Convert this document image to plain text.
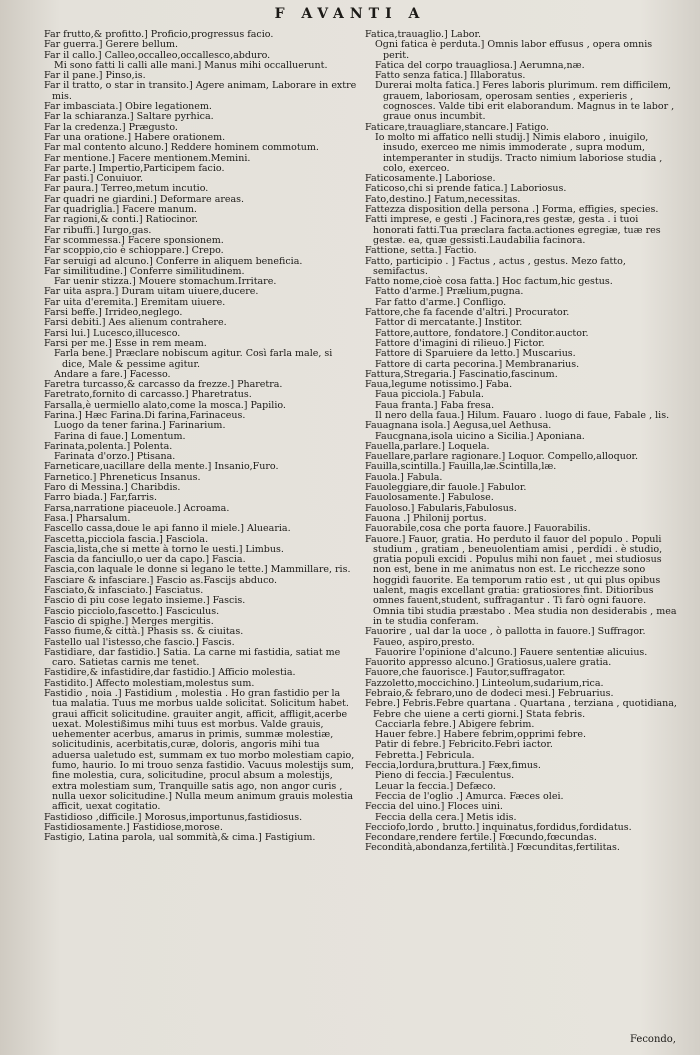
F AVANTI A

Far frutto,& profitto.] Proficio,progressus facio.

Far guerra.] Gerere bellum.

Far il callo.] Calleo,occalleo,occallesco,abduro.

Mi sono fatti li calli alle mani.] Manus mihi occalluerunt.

Far il pane.] Pinso,is.

Far il tratto, o star in transito.] Agere animam, Laborare in extre mis.

Far imbasciata.] Obire legationem.

Far la schiaranza.] Saltare pyrhica.

Far la credenza.] Prægusto.

Far una oratione.] Habere orationem.

Far mal contento alcuno.] Reddere hominem commotum.

Far mentione.] Facere mentionem.Memini.

Far parte.] Impertio,Participem facio.

Far pasti.] Conuiuor.

Far paura.] Terreo,metum incutio.

Far quadri ne giardini.] Deformare areas.

Far quadriglia.] Facere manum.

Far ragioni,& conti.] Ratiocinor.

Far ribuffi.] Iurgo,gas.

Far scommessa.] Facere sponsionem.

Far scoppio,cio è schioppare.] Crepo.

Far seruigi ad alcuno.] Conferre in aliquem beneficia.

Far similitudine.] Conferre similitudinem.

Far uenir stizza.] Mouere stomachum.Irritare.

Far uita aspra.] Duram uitam uiuere,ducere.

Far uita d'eremita.] Eremitam uiuere.

Farsi beffe.] Irrideo,neglego.

Farsi debiti.] Aes alienum contrahere.

Farsi lui.] Lucesco,illucesco.

Farsi per me.] Esse in rem meam.

Farla bene.] Præclare nobiscum agitur. Così farla male, si dice, Male & pessime agitur.

Andare a fare.] Facesso.

Faretra turcasso,& carcasso da frezze.] Pharetra.

Faretrato,fornito di carcasso.] Pharetratus.

Farsalla,è uermiello alato,come la mosca.] Papilio.

Farina.] Hæc Farina.Di farina,Farinaceus.

Luogo da tener farina.] Farinarium.

Farina di faue.] Lomentum.

Farinata,polenta.] Polenta.

Farinata d'orzo.] Ptisana.

Farneticare,uacillare della mente.] Insanio,Furo.

Farnetico.] Phreneticus Insanus.

Faro di Messina.] Charibdis.

Farro biada.] Far,farris.

Farsa,narratione piaceuole.] Acroama.

Fasa.] Pharsalum.

Fascello cassa,doue le api fanno il miele.] Aluearia.

Fascetta,picciola fascia.] Fasciola.

Fascia,lista,che si mette à torno le uesti.] Limbus.

Fascia da fanciullo,o uer da capo.] Fascia.

Fascia,con laquale le donne si legano le tette.] Mammillare, ris.

Fasciare & infasciare.] Fascio as.Fascijs abduco.

Fasciato,& infasciato.] Fasciatus.

Fascio di piu cose legato insieme.] Fascis.

Fascio picciolo,fascetto.] Fasciculus.

Fascio di spighe.] Merges mergitis.

Fasso fiume,& città.] Phasis ss. & ciuitas.

Fastello ual l'istesso,che fascio.] Fascis.

Fastidiare, dar fastidio.] Satia. La carne mi fastidia, satiat me caro. Satietas carnis me tenet.

Fastidire,& infastidire,dar fastidio.] Afficio molestia.

Fastidito.] Affecto molestiam,molestus sum.

Fastidio , noia .] Fastidium , molestia . Ho gran fastidio per la tua malatia. Tuus me morbus ualde solicitat. Solicitum habet. graui afficit solicitudine. grauiter angit, afficit, affligit,acerbe uexat. Molestißimus mihi tuus est morbus. Valde grauis, uehementer acerbus, amarus in primis, summæ molestiæ, solicitudinis, acerbitatis,curæ, doloris, angoris mihi tua aduersa ualetudo est, summam ex tuo morbo molestiam capio, fumo, haurio. Io mi trouo senza fastidio. Vacuus molestijs sum, fine molestia, cura, solicitudine, procul absum a molestijs, extra molestiam sum, Tranquille satis ago, non angor curis , nulla uexor solicitudine.] Nulla meum animum grauis molestia afficit, uexat cogitatio.

Fastidioso ,difficile.] Morosus,importunus,fastidiosus.

Fastidiosamente.] Fastidiose,morose.

Fastigio, Latina parola, ual sommità,& cima.] Fastigium.

Fatica,trauaglio.] Labor.

Ogni fatica è perduta.] Omnis labor effusus , opera omnis perit.

Fatica del corpo trauagliosa.] Aerumna,næ.

Fatto senza fatica.] Illaboratus.

Durerai molta fatica.] Feres laboris plurimum. rem difficilem, grauem, laboriosam, operosam senties , experieris , cognosces. Valde tibi erit elaborandum. Magnus in te labor , graue onus incumbit.

Faticare,trauagliare,stancare.] Fatigo.

Io molto mi affatico nelli studij.] Nimis elaboro , inuigilo, insudo, exerceo me nimis immoderate , supra modum, intemperanter in studijs. Tracto nimium laboriose studia , colo, exerceo.

Faticosamente.] Laboriose.

Faticoso,chi si prende fatica.] Laboriosus.

Fato,destino.] Fatum,necessitas.

Fattezza disposition della persona .] Forma, effigies, species.

Fatti imprese, e gesti .] Facinora,res gestæ, gesta . i tuoi honorati fatti.Tua præclara facta.actiones egregiæ, tuæ res gestæ. ea, quæ gessisti.Laudabilia facinora.

Fattione, setta.] Factio.

Fatto, participio . ] Factus , actus , gestus. Mezo fatto, semifactus.

Fatto nome,cioè cosa fatta.] Hoc factum,hic gestus.

Fatto d'arme.] Prælium,pugna.

Far fatto d'arme.] Confligo.

Fattore,che fa facende d'altri.] Procurator.

Fattor di mercatante.] Institor.

Fattore,auttore, fondatore.] Conditor.auctor.

Fattore d'imagini di rilieuo.] Fictor.

Fattore di Sparuiere da letto.] Muscarius.

Fattore di carta pecorina.] Membranarius.

Fattura,Stregaria.] Fascinatio,fascinum.

Faua,legume notissimo.] Faba.

Faua picciola.] Fabula.

Faua franta.] Faba fresa.

Il nero della faua.] Hilum. Fauaro . luogo di faue, Fabale , lis.

Fauagnana isola.] Aegusa,uel Aethusa.

Faucgnana,isola uicino a Sicilia.] Aponiana.

Fauella,parlare.] Loquela.

Fauellare,parlare ragionare.] Loquor. Compello,alloquor.

Fauilla,scintilla.] Fauilla,læ.Scintilla,læ.

Fauola.] Fabula.

Fauoleggiare,dir fauole.] Fabulor.

Fauolosamente.] Fabulose.

Fauoloso.] Fabularis,Fabulosus.

Fauona .] Philonij portus.

Fauorabile,cosa che porta fauore.] Fauorabilis.

Fauore.] Fauor, gratia. Ho perduto il fauor del populo . Populi studium , gratiam , beneuolentiam amisi , perdidi . è studio, gratia populi excidi . Populus mihi non fauet , mei studiosus non est, bene in me animatus non est. Le ricchezze sono hoggidì fauorite. Ea temporum ratio est , ut qui plus opibus ualent, magis excellant gratia: gratiosiores fint. Ditioribus omnes fauent,student, suffragantur . Ti farò ogni fauore. Omnia tibi studia præstabo . Mea studia non desiderabis , mea in te studia conferam.

Fauorire , ual dar la uoce , ò pallotta in fauore.] Suffragor. Faueo, aspiro,presto.

Fauorire l'opinione d'alcuno.] Fauere sententiæ alicuius.

Fauorito appresso alcuno.] Gratiosus,ualere gratia.

Fauore,che fauorisce.] Fautor,suffragator.

Fazzoletto,moccichino.] Linteolum,sudarium,rica.

Febraio,& febraro,uno de dodeci mesi.] Februarius.

Febre.] Febris.Febre quartana . Quartana , terziana , quotidiana, Febre che uiene a certi giorni.] Stata febris.

Cacciarla febre.] Abigere febrim.

Hauer febre.] Habere febrim,opprimi febre.

Patir di febre.] Febricito.Febri iactor.

Febretta.] Febricula.

Feccia,lordura,bruttura.] Fæx,fimus.

Pieno di feccia.] Fæculentus.

Leuar la feccia.] Defæco.

Feccia de l'oglio .] Amurca. Fæces olei.

Feccia del uino.] Floces uini.

Feccia della cera.] Metis idis.

Fecciofo,lordo , brutto.] inquinatus,fordidus,fordidatus.

Fecondare,rendere fertile.] Fœcundo,fœcundas.

Fecondità,abondanza,fertilità.] Fœcunditas,fertilitas.

Fecondo,
